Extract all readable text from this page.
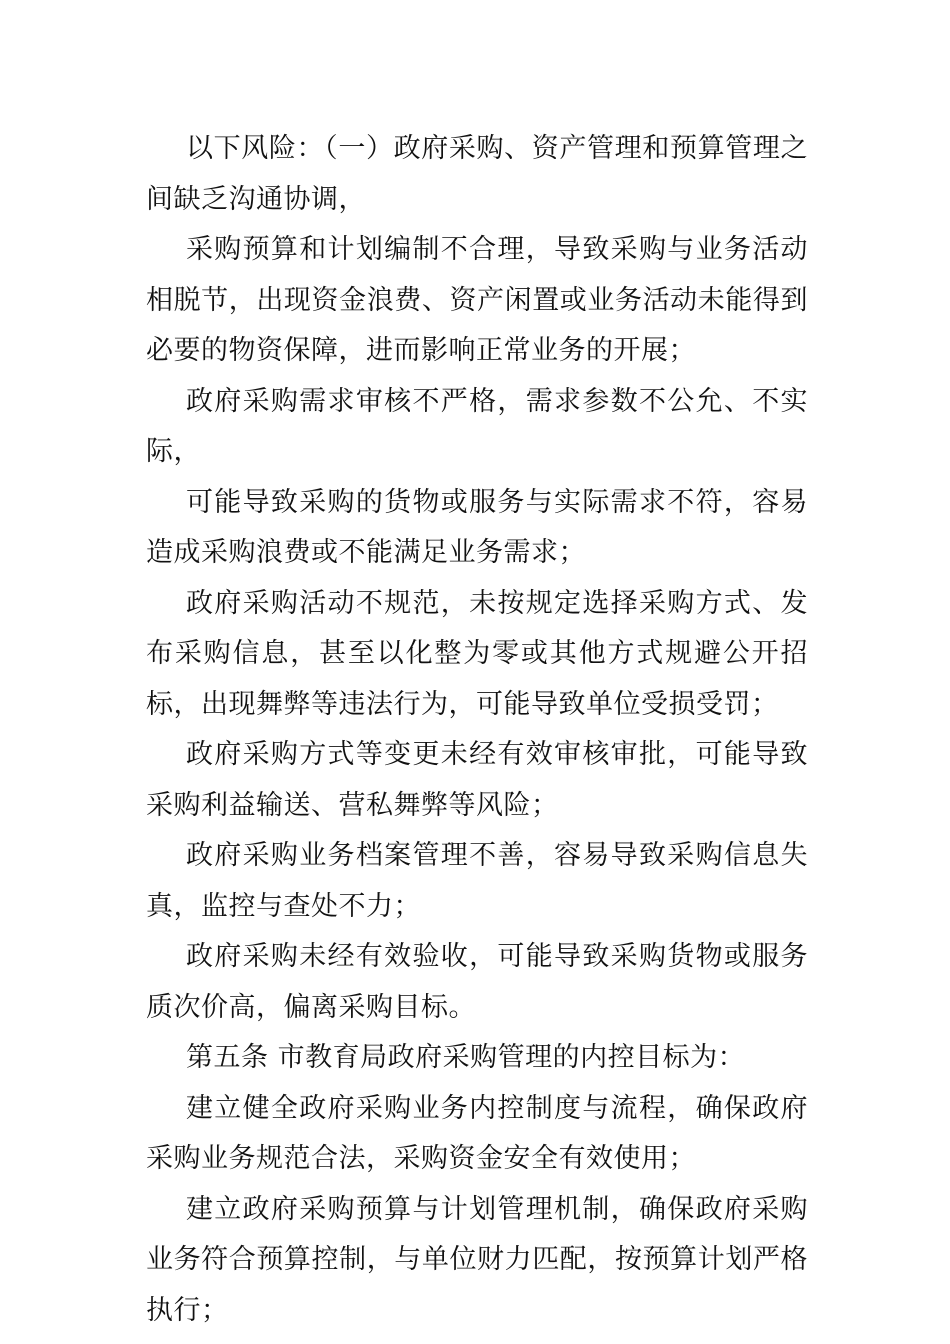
以下风险：（一）政府采购、资产管理和预算管理之间缺乏沟通协调，

采购预算和计划编制不合理，导致采购与业务活动相脱节，出现资金浪费、资产闲置或业务活动未能得到必要的物资保障，进而影响正常业务的开展；

政府采购需求审核不严格，需求参数不公允、不实际，

可能导致采购的货物或服务与实际需求不符，容易造成采购浪费或不能满足业务需求；

政府采购活动不规范，未按规定选择采购方式、发布采购信息，甚至以化整为零或其他方式规避公开招标，出现舞弊等违法行为，可能导致单位受损受罚；

政府采购方式等变更未经有效审核审批，可能导致采购利益输送、营私舞弊等风险；

政府采购业务档案管理不善，容易导致采购信息失真，监控与查处不力；

政府采购未经有效验收，可能导致采购货物或服务质次价高，偏离采购目标。

第五条 市教育局政府采购管理的内控目标为：

建立健全政府采购业务内控制度与流程，确保政府采购业务规范合法，采购资金安全有效使用；

建立政府采购预算与计划管理机制，确保政府采购业务符合预算控制，与单位财力匹配，按预算计划严格执行；
